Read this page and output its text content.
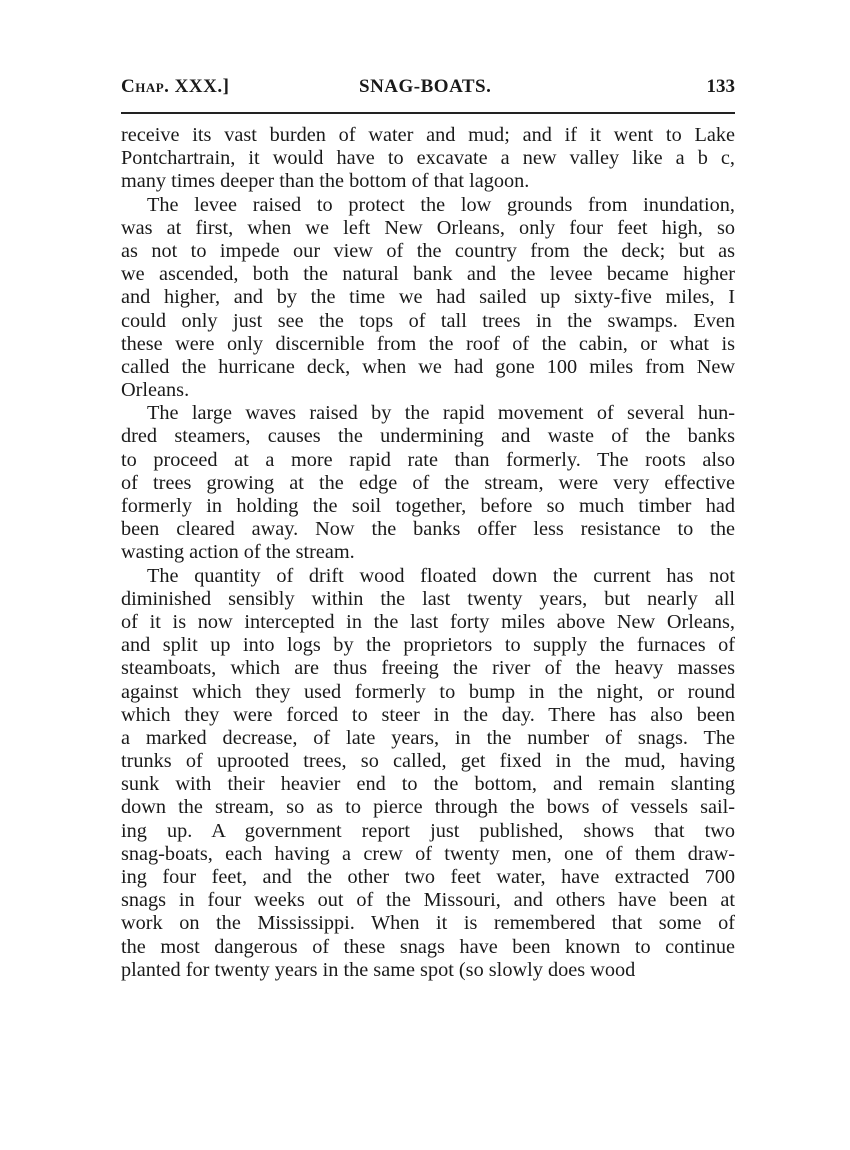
Chap. XXX.]	SNAG-BOATS.	133
receive its vast burden of water and mud; and if it went to Lake
Pontchartrain, it would have to excavate a new valley like a b c,
many times deeper than the bottom of that lagoon.
The levee raised to protect the low grounds from inundation,
was at first, when we left New Orleans, only four feet high, so
as not to impede our view of the country from the deck; but as
we ascended, both the natural bank and the levee became higher
and higher, and by the time we had sailed up sixty-five miles, I
could only just see the tops of tall trees in the swamps. Even
these were only discernible from the roof of the cabin, or what is
called the hurricane deck, when we had gone 100 miles from New
Orleans.
The large waves raised by the rapid movement of several hun-
dred steamers, causes the undermining and waste of the banks
to proceed at a more rapid rate than formerly. The roots also
of trees growing at the edge of the stream, were very effective
formerly in holding the soil together, before so much timber had
been cleared away. Now the banks offer less resistance to the
wasting action of the stream.
The quantity of drift wood floated down the current has not
diminished sensibly within the last twenty years, but nearly all
of it is now intercepted in the last forty miles above New Orleans,
and split up into logs by the proprietors to supply the furnaces of
steamboats, which are thus freeing the river of the heavy masses
against which they used formerly to bump in the night, or round
which they were forced to steer in the day. There has also been
a marked decrease, of late years, in the number of snags. The
trunks of uprooted trees, so called, get fixed in the mud, having
sunk with their heavier end to the bottom, and remain slanting
down the stream, so as to pierce through the bows of vessels sail-
ing up. A government report just published, shows that two
snag-boats, each having a crew of twenty men, one of them draw-
ing four feet, and the other two feet water, have extracted 700
snags in four weeks out of the Missouri, and others have been at
work on the Mississippi. When it is remembered that some of
the most dangerous of these snags have been known to continue
planted for twenty years in the same spot (so slowly does wood
